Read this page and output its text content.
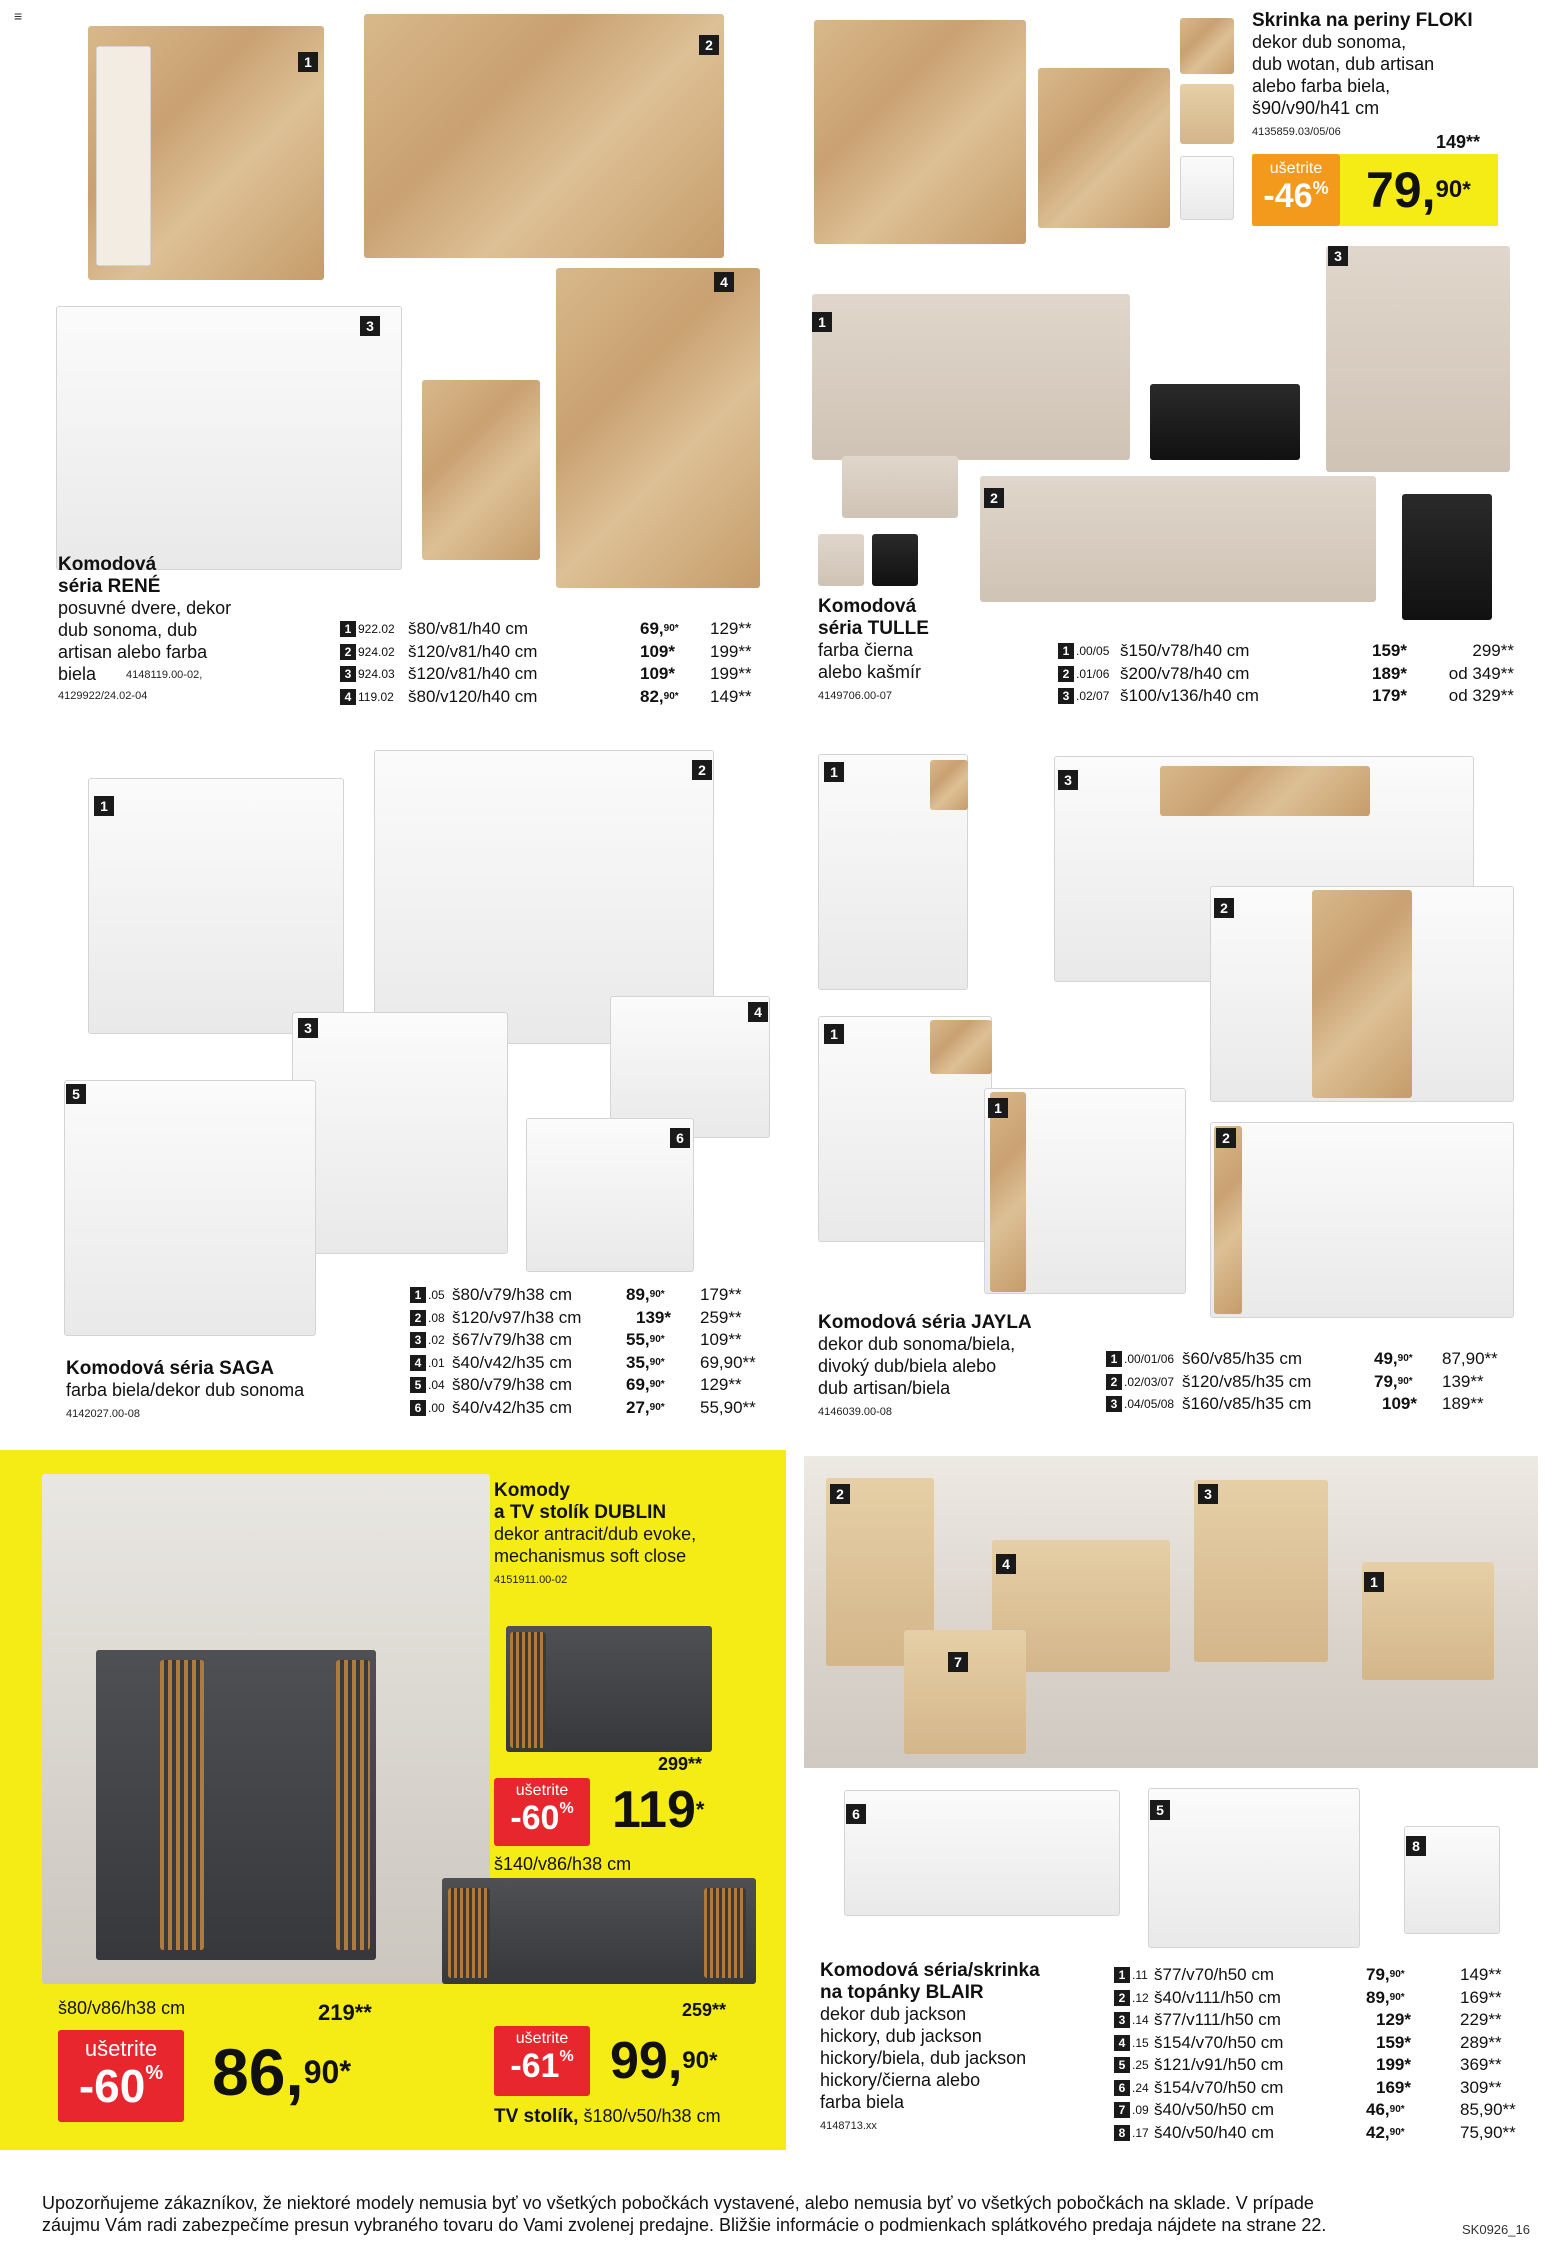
≡
1
2
3
4
Komodová
séria RENÉ
posuvné dvere, dekor
dub sonoma, dub
artisan alebo farba
biela	4148119.00-02,
4129922/24.02-04
1 922.02 š80/v81/h40 cm	69,$^{90*}$ 129**
2 924.02 š120/v81/h40 cm	109* 199**
3 924.03 š120/v81/h40 cm	109* 199**
4 119.02 š80/v120/h40 cm	82,$^{90*}$ 149**
Skrinka na periny FLOKI
dekor dub sonoma,
dub wotan, dub artisan
alebo farba biela,
š90/v90/h41 cm
4135859.03/05/06	149**
ušetrite
-46% 79,$^{90*}$
1
3
2
Komodová
séria TULLE
farba čierna
alebo kašmír
4149706.00-07
1 .00/05 š150/v78/h40 cm	159*	299**
2 .01/06 š200/v78/h40 cm	189*	od 349**
3 .02/07 š100/v136/h40 cm	179*	od 329**
1
2
3
4
5
6
Komodová séria SAGA
farba biela/dekor dub sonoma
4142027.00-08
1 .05 š80/v79/h38 cm	89,$^{90*}$ 179**
2 .08 š120/v97/h38 cm	139* 259**
3 .02 š67/v79/h38 cm	55,$^{90*}$ 109**
4 .01 š40/v42/h35 cm	35,$^{90*}$ 69,90**
5 .04 š80/v79/h38 cm	69,$^{90*}$ 129**
6 .00 š40/v42/h35 cm	27,$^{90*}$ 55,90**
1	3
2
1
1
2
Komodová séria JAYLA
dekor dub sonoma/biela,
divoký dub/biela alebo
dub artisan/biela
4146039.00-08
1 .00/01/06 š60/v85/h35 cm	49,$^{90*}$ 87,90**
2 .02/03/07 š120/v85/h35 cm	79,$^{90*}$ 139**
3 .04/05/08 š160/v85/h35 cm	109* 189**
Komody
a TV stolík DUBLIN
dekor antracit/dub evoke,
mechanismus soft close
4151911.00-02
299**
ušetrite
-60% 119*
š140/v86/h38 cm
š80/v86/h38 cm	219**
ušetrite
-60% 86,$^{90*}$
259**
ušetrite
-61% 99,$^{90*}$
TV stolík, š180/v50/h38 cm
2	3
4
1
7
6	5
8
Komodová séria/skrinka
na topánky BLAIR
dekor dub jackson
hickory, dub jackson
hickory/biela, dub jackson
hickory/čierna alebo
farba biela
4148713.xx
1 .11 š77/v70/h50 cm	79,$^{90*}$	149**
2 .12 š40/v111/h50 cm	89,$^{90*}$	169**
3 .14 š77/v111/h50 cm	129*	229**
4 .15 š154/v70/h50 cm	159*	289**
5 .25 š121/v91/h50 cm	199*	369**
6 .24 š154/v70/h50 cm	169*	309**
7 .09 š40/v50/h50 cm	46,$^{90*}$	85,90**
8 .17 š40/v50/h40 cm	42,$^{90*}$	75,90**
Upozorňujeme zákazníkov, že niektoré modely nemusia byť vo všetkých pobočkách vystavené, alebo nemusia byť vo všetkých pobočkách na sklade. V prípade
záujmu Vám radi zabezpečíme presun vybraného tovaru do Vami zvolenej predajne. Bližšie informácie o podmienkach splátkového predaja nájdete na strane 22.	SK0926_16
